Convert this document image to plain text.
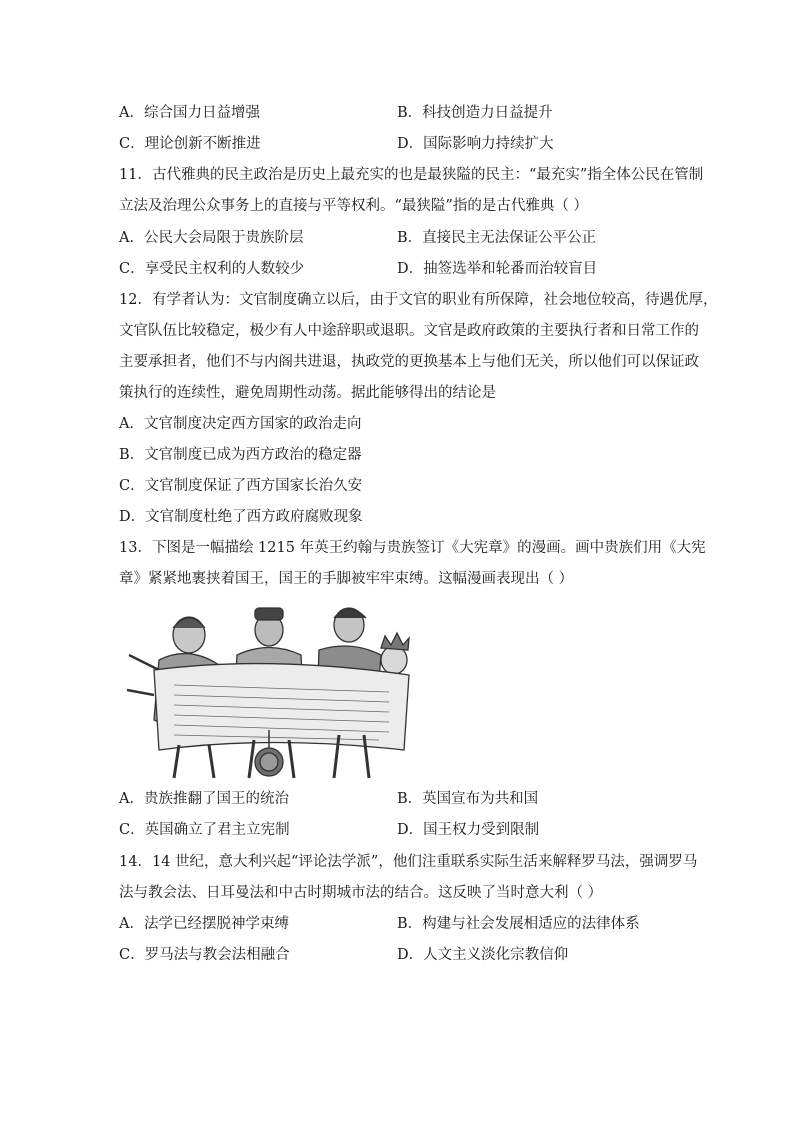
A．综合国力日益增强	B．科技创造力日益提升
C．理论创新不断推进	D．国际影响力持续扩大
11．古代雅典的民主政治是历史上最充实的也是最狭隘的民主：“最充实”指全体公民在管制
立法及治理公众事务上的直接与平等权利。“最狭隘”指的是古代雅典（ ）
A．公民大会局限于贵族阶层	B．直接民主无法保证公平公正
C．享受民主权利的人数较少	D．抽签选举和轮番而治较盲目
12．有学者认为：文官制度确立以后，由于文官的职业有所保障，社会地位较高，待遇优厚，
文官队伍比较稳定，极少有人中途辞职或退职。文官是政府政策的主要执行者和日常工作的
主要承担者，他们不与内阁共进退，执政党的更换基本上与他们无关，所以他们可以保证政
策执行的连续性，避免周期性动荡。据此能够得出的结论是
A．文官制度决定西方国家的政治走向
B．文官制度已成为西方政治的稳定器
C．文官制度保证了西方国家长治久安
D．文官制度杜绝了西方政府腐败现象
13．下图是一幅描绘 1215 年英王约翰与贵族签订《大宪章》的漫画。画中贵族们用《大宪
章》紧紧地裹挟着国王，国王的手脚被牢牢束缚。这幅漫画表现出（ ）
A．贵族推翻了国王的统治	B．英国宣布为共和国
C．英国确立了君主立宪制	D．国王权力受到限制
14．14 世纪，意大利兴起“评论法学派”，他们注重联系实际生活来解释罗马法，强调罗马
法与教会法、日耳曼法和中古时期城市法的结合。这反映了当时意大利（ ）
A．法学已经摆脱神学束缚	B．构建与社会发展相适应的法律体系
C．罗马法与教会法相融合	D．人文主义淡化宗教信仰
